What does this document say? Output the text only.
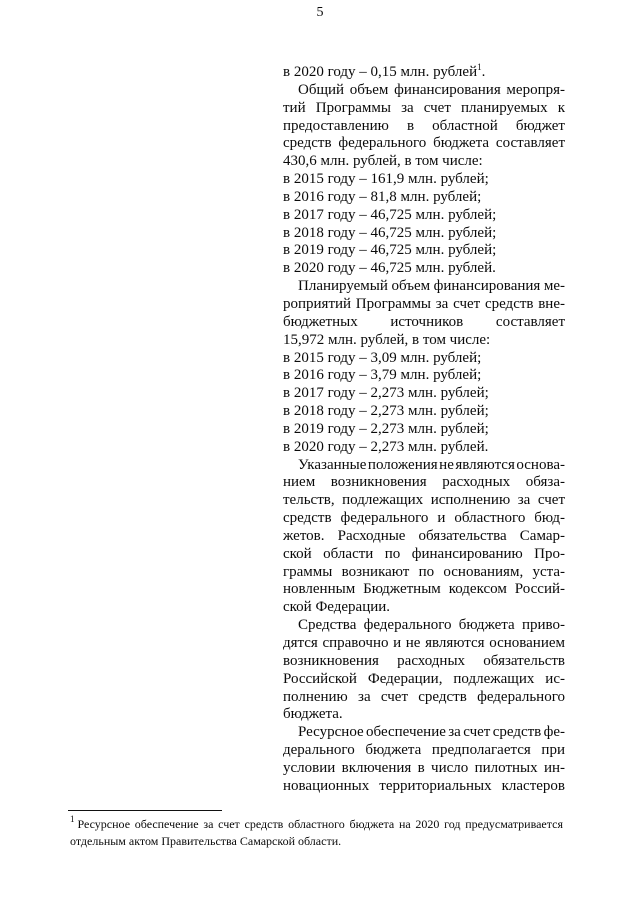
5
в 2020 году – 0,15 млн. рублей$^1$.
Общий объем финансирования меропря-
тий Программы за счет планируемых к
предоставлению в областной бюджет
средств федерального бюджета составляет
430,6 млн. рублей, в том числе:
в 2015 году – 161,9 млн. рублей;
в 2016 году – 81,8 млн. рублей;
в 2017 году – 46,725 млн. рублей;
в 2018 году – 46,725 млн. рублей;
в 2019 году – 46,725 млн. рублей;
в 2020 году – 46,725 млн. рублей.
Планируемый объем финансирования ме-
роприятий Программы за счет средств вне-
бюджетных источников составляет
15,972 млн. рублей, в том числе:
в 2015 году – 3,09 млн. рублей;
в 2016 году – 3,79 млн. рублей;
в 2017 году – 2,273 млн. рублей;
в 2018 году – 2,273 млн. рублей;
в 2019 году – 2,273 млн. рублей;
в 2020 году – 2,273 млн. рублей.
Указанные положения не являются основа-
нием возникновения расходных обяза-
тельств, подлежащих исполнению за счет
средств федерального и областного бюд-
жетов. Расходные обязательства Самар-
ской области по финансированию Про-
граммы возникают по основаниям, уста-
новленным Бюджетным кодексом Россий-
ской Федерации.
Средства федерального бюджета приво-
дятся справочно и не являются основанием
возникновения расходных обязательств
Российской Федерации, подлежащих ис-
полнению за счет средств федерального
бюджета.
Ресурсное обеспечение за счет средств фе-
дерального бюджета предполагается при
условии включения в число пилотных ин-
новационных территориальных кластеров
$^1$ Ресурсное обеспечение за счет средств областного бюджета на 2020 год предусматривается
отдельным актом Правительства Самарской области.
